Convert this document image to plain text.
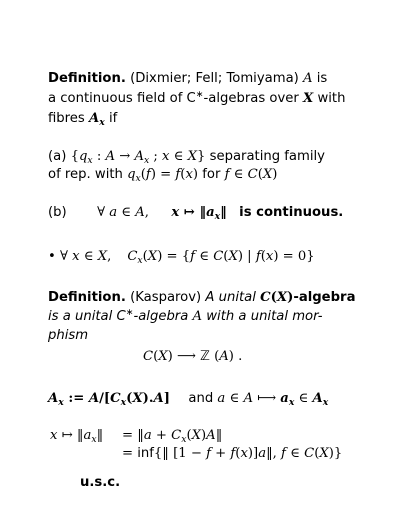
Definition. (Dixmier; Fell; Tomiyama) A is
a continuous field of C∗-algebras over X with
fibres $A_x$ if
(a) {$q_x$ : $A \to A_x$ ; x ∈ X} separating family
of rep. with $q_x(f) = f(x)$ for f ∈ C(X)
(b) ∀ a ∈ A, x ↦ $‖a_x‖$ is continuous.
• ∀ x ∈ X, $C_x(X) = \{f$ ∈ C(X) | f(x) = 0}
Definition. (Kasparov) A unital C(X)-algebra
is a unital C∗-algebra A with a unital mor-
phism
C(X) ⟶ ℤ (A) .
$A_x$ := $A/[C_x(X).A]$ and a ∈ A ⟼ $a_x$ ∈ $A_x$
x ↦ $‖a_x‖$ = ‖a + $C_x(X)A‖$
= inf{‖ [1 − f + f(x)]a‖, f ∈ C(X)}
u.s.c.
